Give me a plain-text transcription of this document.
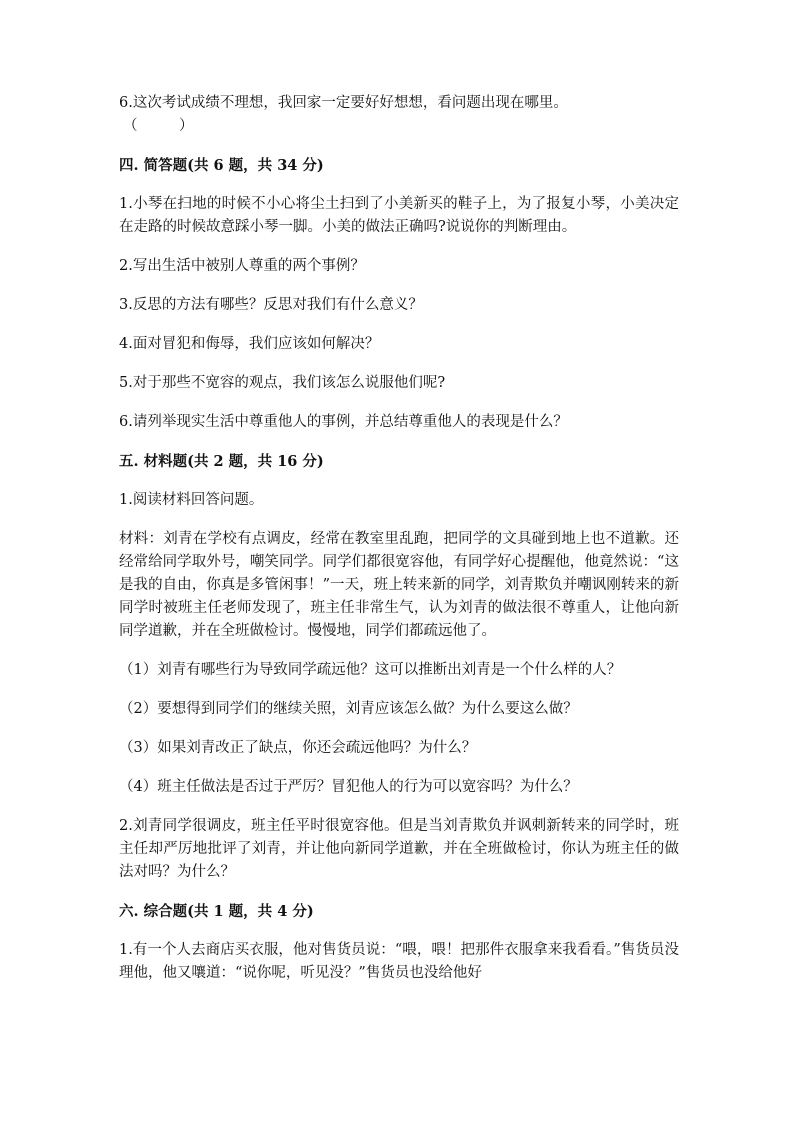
6.这次考试成绩不理想，我回家一定要好好想想，看问题出现在哪里。

（         ）

四. 简答题(共 6 题，共 34 分)

1.小琴在扫地的时候不小心将尘土扫到了小美新买的鞋子上，为了报复小琴，小美决定在走路的时候故意踩小琴一脚。小美的做法正确吗?说说你的判断理由。

2.写出生活中被别人尊重的两个事例？

3.反思的方法有哪些？反思对我们有什么意义？

4.面对冒犯和侮辱，我们应该如何解决？

5.对于那些不宽容的观点，我们该怎么说服他们呢?

6.请列举现实生活中尊重他人的事例，并总结尊重他人的表现是什么？

五. 材料题(共 2 题，共 16 分)

1.阅读材料回答问题。

材料：刘青在学校有点调皮，经常在教室里乱跑，把同学的文具碰到地上也不道歉。还经常给同学取外号，嘲笑同学。同学们都很宽容他，有同学好心提醒他，他竟然说：“这是我的自由，你真是多管闲事！”一天，班上转来新的同学，刘青欺负并嘲讽刚转来的新同学时被班主任老师发现了，班主任非常生气，认为刘青的做法很不尊重人，让他向新同学道歉，并在全班做检讨。慢慢地，同学们都疏远他了。

（1）刘青有哪些行为导致同学疏远他？这可以推断出刘青是一个什么样的人？

（2）要想得到同学们的继续关照，刘青应该怎么做？为什么要这么做？

（3）如果刘青改正了缺点，你还会疏远他吗？为什么？

（4）班主任做法是否过于严厉？冒犯他人的行为可以宽容吗？为什么？

2.刘青同学很调皮，班主任平时很宽容他。但是当刘青欺负并讽刺新转来的同学时，班主任却严厉地批评了刘青，并让他向新同学道歉，并在全班做检讨，你认为班主任的做法对吗？为什么？

六. 综合题(共 1 题，共 4 分)

1.有一个人去商店买衣服，他对售货员说：“喂，喂！把那件衣服拿来我看看。”售货员没理他，他又嚷道：“说你呢，听见没？”售货员也没给他好
